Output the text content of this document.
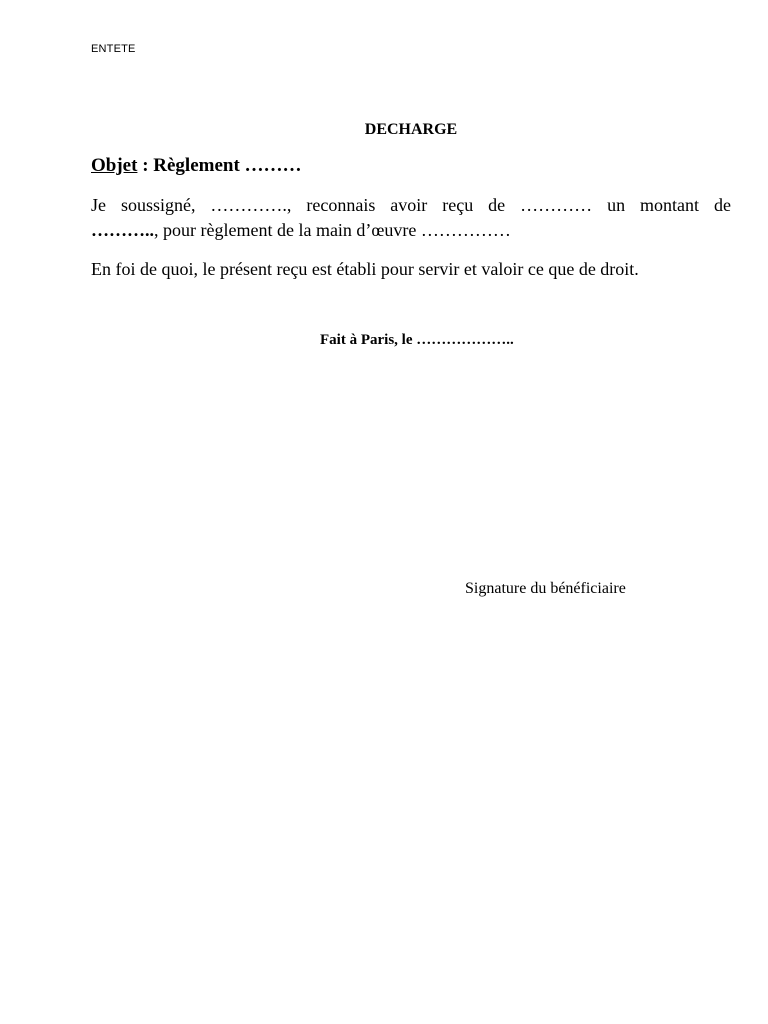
ENTETE
DECHARGE
Objet : Règlement ………
Je soussigné, …………., reconnais avoir reçu de ………… un montant de
……….., pour règlement de la main d’œuvre ……………
En foi de quoi, le présent reçu est établi pour servir et valoir ce que de droit.
Fait à Paris, le ………………..
Signature du bénéficiaire
